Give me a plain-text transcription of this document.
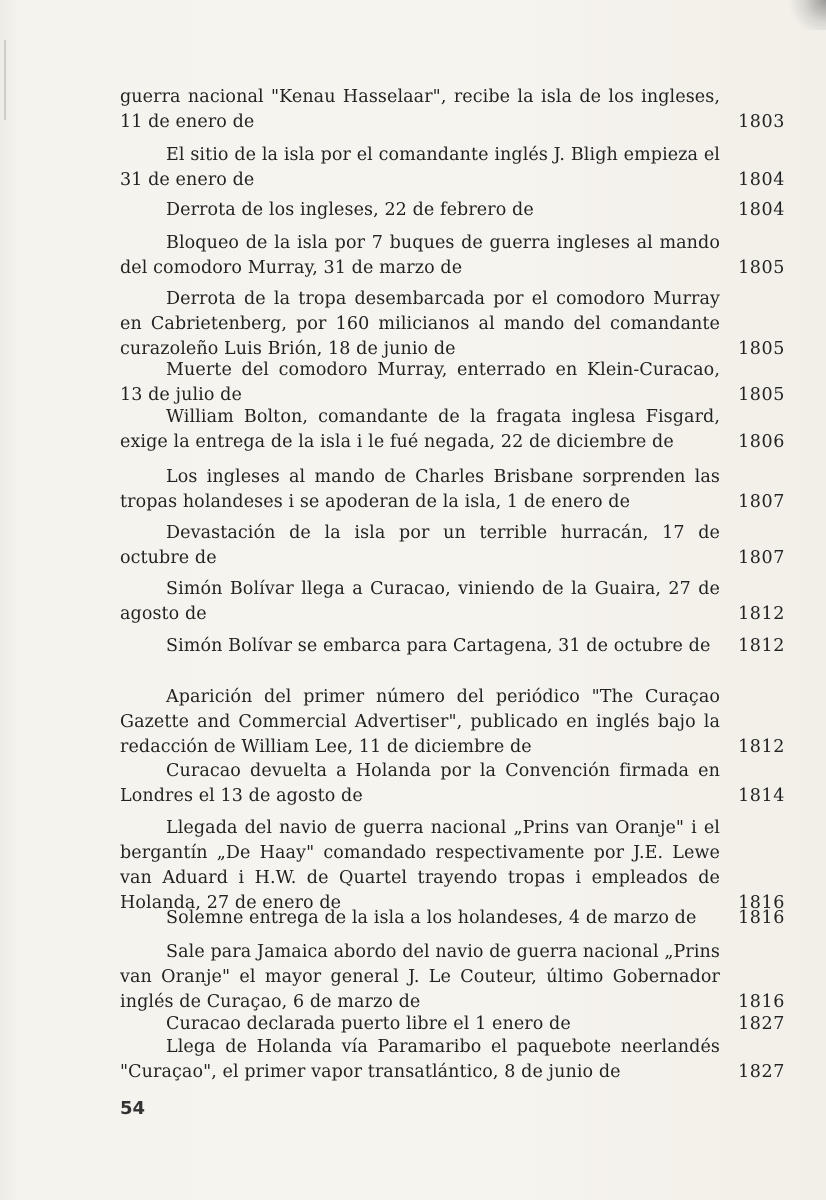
guerra nacional "Kenau Hasselaar", recibe la isla de los ingleses, 11 de enero de	1803

El sitio de la isla por el comandante inglés J. Bligh empieza el 31 de enero de	1804

Derrota de los ingleses, 22 de febrero de	1804

Bloqueo de la isla por 7 buques de guerra ingleses al mando del comodoro Murray, 31 de marzo de	1805

Derrota de la tropa desembarcada por el comodoro Murray en Cabrietenberg, por 160 milicianos al mando del comandante curazoleño Luis Brión, 18 de junio de	1805

Muerte del comodoro Murray, enterrado en Klein-Curacao, 13 de julio de	1805

William Bolton, comandante de la fragata inglesa Fisgard, exige la entrega de la isla i le fué negada, 22 de diciembre de	1806

Los ingleses al mando de Charles Brisbane sorprenden las tropas holandeses i se apoderan de la isla, 1 de enero de	1807

Devastación de la isla por un terrible hurracán, 17 de octubre de	1807

Simón Bolívar llega a Curacao, viniendo de la Guaira, 27 de agosto de	1812

Simón Bolívar se embarca para Cartagena, 31 de octubre de	1812

Aparición del primer número del periódico "The Curaçao Gazette and Commercial Advertiser", publicado en inglés bajo la redacción de William Lee, 11 de diciembre de	1812

Curacao devuelta a Holanda por la Convención firmada en Londres el 13 de agosto de	1814

Llegada del navio de guerra nacional „Prins van Oranje" i el bergantín „De Haay" comandado respectivamente por J.E. Lewe van Aduard i H.W. de Quartel trayendo tropas i empleados de Holanda, 27 de enero de	1816

Solemne entrega de la isla a los holandeses, 4 de marzo de	1816

Sale para Jamaica abordo del navio de guerra nacional „Prins van Oranje" el mayor general J. Le Couteur, último Gobernador inglés de Curaçao, 6 de marzo de	1816

Curacao declarada puerto libre el 1 enero de	1827

Llega de Holanda vía Paramaribo el paquebote neerlandés "Curaçao", el primer vapor transatlántico, 8 de junio de	1827
54
